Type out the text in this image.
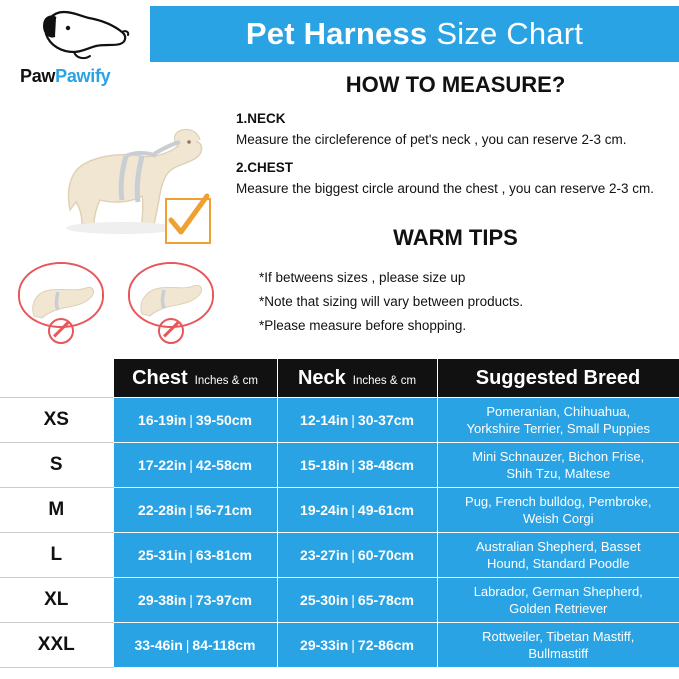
Pet Harness Size Chart
PawPawify	HOW TO MEASURE?
1.NECK
Measure the circleference of pet's neck , you can reserve 2-3 cm.
2.CHEST
Measure the biggest circle around the chest , you can reserve 2-3 cm.
WARM TIPS
*If betweens sizes , please size up
*Note that sizing will vary between products.
*Please measure before shopping.

	Chest Inches & cm	Neck Inches & cm	Suggested Breed

XS	16-19in | 39-50cm	12-14in | 30-37cm	Pomeranian, Chihuahua,
Yorkshire Terrier, Small Puppies

S	17-22in | 42-58cm	15-18in | 38-48cm	Mini Schnauzer, Bichon Frise,
Shih Tzu, Maltese

M	22-28in | 56-71cm	19-24in | 49-61cm	Pug, French bulldog, Pembroke,
Weish Corgi

L	25-31in | 63-81cm	23-27in | 60-70cm	Australian Shepherd, Basset
Hound, Standard Poodle

XL	29-38in | 73-97cm	25-30in | 65-78cm	Labrador, German Shepherd,
Golden Retriever

XXL	33-46in | 84-118cm	29-33in | 72-86cm	Rottweiler, Tibetan Mastiff,
Bullmastiff
